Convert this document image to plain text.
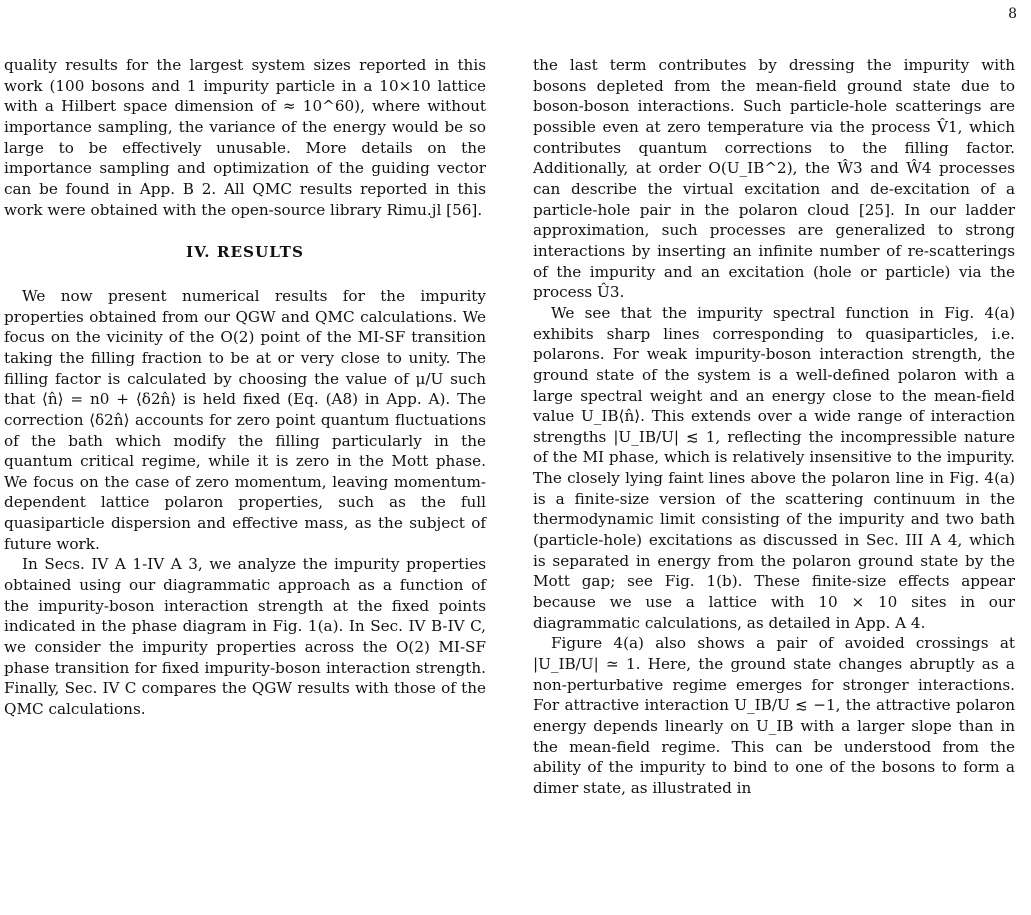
8

quality results for the largest system sizes reported in this work (100 bosons and 1 impurity particle in a 10×10 lattice with a Hilbert space dimension of ≈ 10^60), where without importance sampling, the variance of the energy would be so large to be effectively unusable. More details on the importance sampling and optimization of the guiding vector can be found in App. B 2. All QMC results reported in this work were obtained with the open-source library Rimu.jl [56].

IV. RESULTS

We now present numerical results for the impurity properties obtained from our QGW and QMC calculations. We focus on the vicinity of the O(2) point of the MI-SF transition taking the filling fraction to be at or very close to unity. The filling factor is calculated by choosing the value of μ/U such that ⟨n̂⟩ = n0 + ⟨δ2n̂⟩ is held fixed (Eq. (A8) in App. A). The correction ⟨δ2n̂⟩ accounts for zero point quantum fluctuations of the bath which modify the filling particularly in the quantum critical regime, while it is zero in the Mott phase. We focus on the case of zero momentum, leaving momentum-dependent lattice polaron properties, such as the full quasiparticle dispersion and effective mass, as the subject of future work.

In Secs. IV A 1-IV A 3, we analyze the impurity properties obtained using our diagrammatic approach as a function of the impurity-boson interaction strength at the fixed points indicated in the phase diagram in Fig. 1(a). In Sec. IV B-IV C, we consider the impurity properties across the O(2) MI-SF phase transition for fixed impurity-boson interaction strength. Finally, Sec. IV C compares the QGW results with those of the QMC calculations.

the last term contributes by dressing the impurity with bosons depleted from the mean-field ground state due to boson-boson interactions. Such particle-hole scatterings are possible even at zero temperature via the process V̂1, which contributes quantum corrections to the filling factor. Additionally, at order O(U_IB^2), the Ŵ3 and Ŵ4 processes can describe the virtual excitation and de-excitation of a particle-hole pair in the polaron cloud [25]. In our ladder approximation, such processes are generalized to strong interactions by inserting an infinite number of re-scatterings of the impurity and an excitation (hole or particle) via the process Û3.

We see that the impurity spectral function in Fig. 4(a) exhibits sharp lines corresponding to quasiparticles, i.e. polarons. For weak impurity-boson interaction strength, the ground state of the system is a well-defined polaron with a large spectral weight and an energy close to the mean-field value U_IB⟨n̂⟩. This extends over a wide range of interaction strengths |U_IB/U| ≲ 1, reflecting the incompressible nature of the MI phase, which is relatively insensitive to the impurity. The closely lying faint lines above the polaron line in Fig. 4(a) is a finite-size version of the scattering continuum in the thermodynamic limit consisting of the impurity and two bath (particle-hole) excitations as discussed in Sec. III A 4, which is separated in energy from the polaron ground state by the Mott gap; see Fig. 1(b). These finite-size effects appear because we use a lattice with 10 × 10 sites in our diagrammatic calculations, as detailed in App. A 4.

Figure 4(a) also shows a pair of avoided crossings at |U_IB/U| ≃ 1. Here, the ground state changes abruptly as a non-perturbative regime emerges for stronger interactions. For attractive interaction U_IB/U ≲ −1, the attractive polaron energy depends linearly on U_IB with a larger slope than in the mean-field regime. This can be understood from the ability of the impurity to bind to one of the bosons to form a dimer state, as illustrated in
